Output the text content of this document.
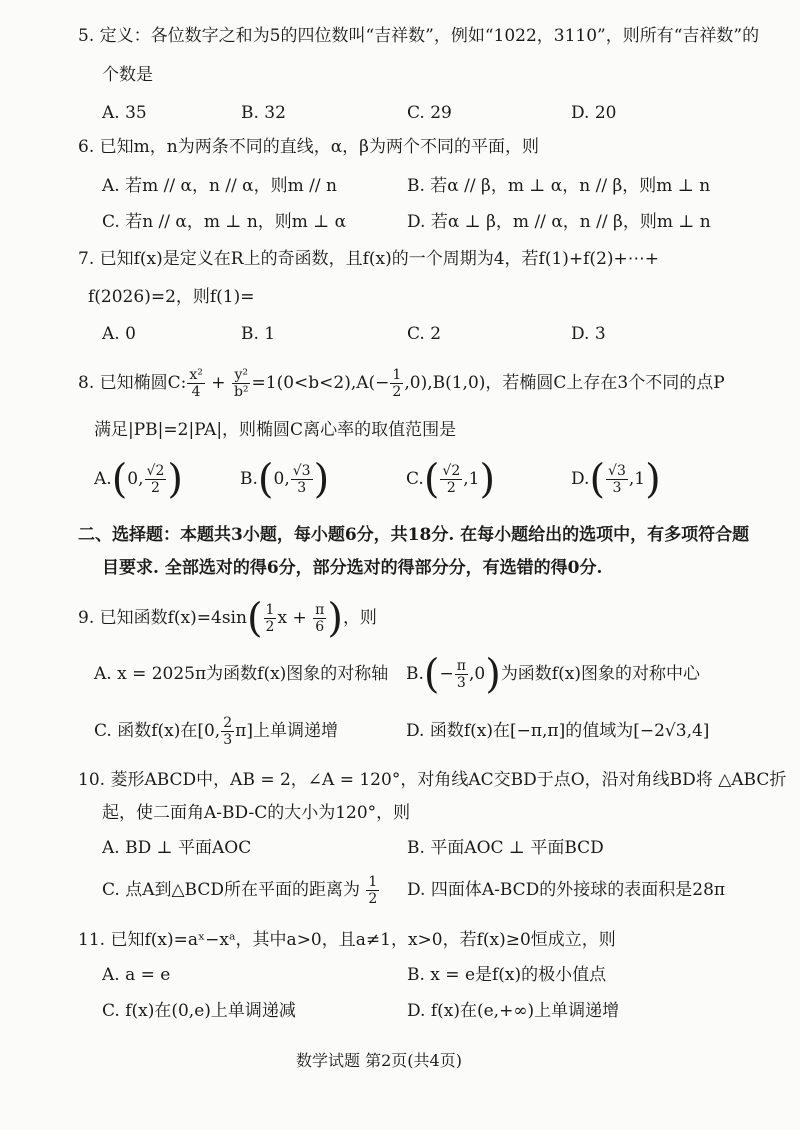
5. 定义：各位数字之和为5的四位数叫“吉祥数”，例如“1022，3110”，则所有“吉祥数”的
个数是
A. 35	B. 32	C. 29	D. 20
6. 已知m，n为两条不同的直线，α，β为两个不同的平面，则
A. 若m // α，n // α，则m // n	B. 若α // β，m ⊥ α，n // β，则m ⊥ n
C. 若n // α，m ⊥ n，则m ⊥ α	D. 若α ⊥ β，m // α，n // β，则m ⊥ n
7. 已知f(x)是定义在R上的奇函数，且f(x)的一个周期为4，若f(1)+f(2)+⋯+
f(2026)=2，则f(1)=
A. 0	B. 1	C. 2	D. 3
8. 已知椭圆C: $\frac{\text{x²}}{4} + \frac{\text{y²}}{\text{b²}} =1(0<b<2),A(- \frac{1}{2} ,0),B(1,0)$，若椭圆C上存在3个不同的点P
满足|PB|=2|PA|，则椭圆C离心率的取值范围是
A.(0, $\frac{√2}{2}$ )	B.(0, $\frac{√3}{3}$ )	$C.( \frac{√2}{2} ,1)$	$D.( \frac{√3}{3} ,1)$
二、选择题：本题共3小题，每小题6分，共18分. 在每小题给出的选项中，有多项符合题
目要求. 全部选对的得6分，部分选对的得部分分，有选错的得0分.
9. 已知函数$f(x)=4\sin( \frac{1}{2}$ $x + \frac{\pi}{6}$ )，则
A. x = 2025π为函数f(x)图象的对称轴 $B.(- \frac{\pi}{3} ,0)$为函数f(x)图象的对称中心
C. 函数f(x)在[0, $\frac{2}{3} \pi$]上单调递增	D. 函数f(x)在[−π,π]的值域为[−2√3,4]
10. 菱形ABCD中，AB = 2，∠A = 120°，对角线AC交BD于点O，沿对角线BD将 △ABC折
起，使二面角A-BD-C的大小为120°，则
A. BD ⊥ 平面AOC	B. 平面AOC ⊥ 平面BCD
C. 点A到△BCD所在平面的距离为 $\frac{1}{2} D$. 四面体A-BCD的外接球的表面积是28π
11. 已知f(x)=aˣ−xᵃ，其中a>0，且a≠1，x>0，若f(x)≥0恒成立，则
A. a = e	B. x = e是f(x)的极小值点
C. f(x)在(0,e)上单调递减	D. f(x)在(e,+∞)上单调递增
数学试题 第2页(共4页)
